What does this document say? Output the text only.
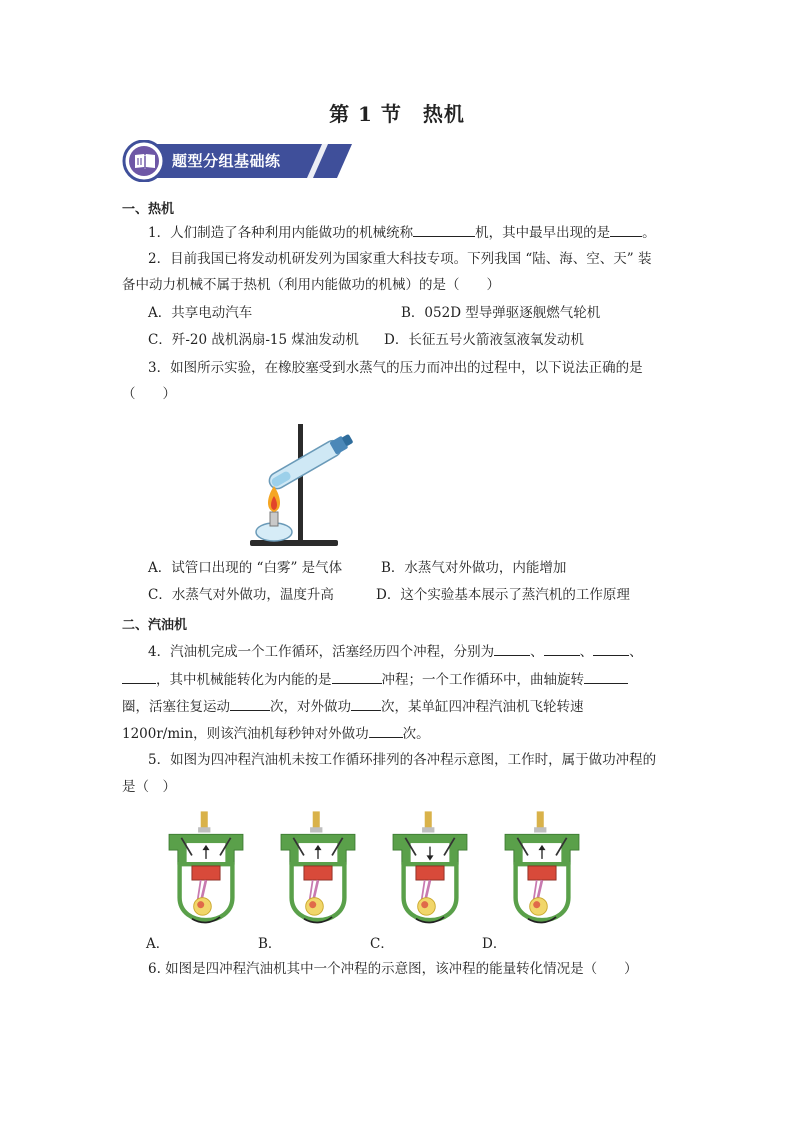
第 1 节　热机
题型分组基础练
一、热机
1．人们制造了各种利用内能做功的机械统称	机，其中最早出现的是 。
2．目前我国已将发动机研发列为国家重大科技专项。下列我国 “陆、海、空、天” 装
备中动力机械不属于热机（利用内能做功的机械）的是（　　）
A．共享电动汽车	B．052D 型导弹驱逐舰燃气轮机
C．歼-20 战机涡扇-15 煤油发动机 D．长征五号火箭液氢液氧发动机
3．如图所示实验，在橡胶塞受到水蒸气的压力而冲出的过程中，以下说法正确的是
（　　）
A．试管口出现的 “白雾” 是气体	B．水蒸气对外做功，内能增加
C．水蒸气对外做功，温度升高	D．这个实验基本展示了蒸汽机的工作原理
二、汽油机
4．汽油机完成一个工作循环，活塞经历四个冲程，分别为	、	、	、
，其中机械能转化为内能的是	冲程；一个工作循环中，曲轴旋转
圈，活塞往复运动	次，对外做功 次，某单缸四冲程汽油机飞轮转速
1200r/min，则该汽油机每秒钟对外做功	次。
5．如图为四冲程汽油机未按工作循环排列的各冲程示意图，工作时，属于做功冲程的
是（　）
A．	B．	C．	D．
6. 如图是四冲程汽油机其中一个冲程的示意图，该冲程的能量转化情况是（　　）
